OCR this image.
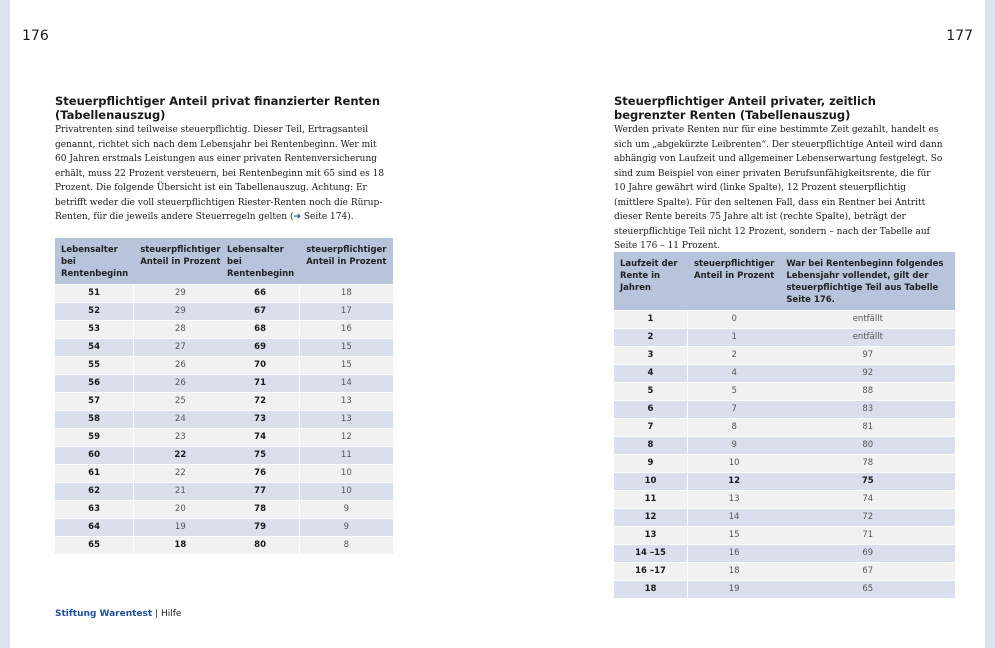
176
Steuerpflichtiger Anteil privat finanzierter Renten (Tabellenauszug)

Privatrenten sind teilweise steuerpflichtig. Dieser Teil, Ertragsanteil genannt, richtet sich nach dem Lebensjahr bei Rentenbeginn. Wer mit 60 Jahren erstmals Leistungen aus einer privaten Rentenversicherung erhält, muss 22 Prozent versteuern, bei Rentenbeginn mit 65 sind es 18 Prozent. Die folgende Übersicht ist ein Tabellenauszug. Achtung: Er betrifft weder die voll steuerpflichtigen Riester-Renten noch die Rürup-Renten, für die jeweils andere Steuerregeln gelten (➔ Seite 174).

Lebensalter bei Rentenbeginn	steuerpflichtiger Anteil in Prozent
51	29
52	29
53	28
54	27
55	26
56	26
57	25
58	24
59	23
60	22
61	22
62	21
63	20
64	19
65	18
Lebensalter bei Rentenbeginn	steuerpflichtiger Anteil in Prozent
66	18
67	17
68	16
69	15
70	15
71	14
72	13
73	13
74	12
75	11
76	10
77	10
78	9
79	9
80	8
Stiftung Warentest | Hilfe
177
Steuerpflichtiger Anteil privater, zeitlich begrenzter Renten (Tabellenauszug)

Werden private Renten nur für eine bestimmte Zeit gezahlt, handelt es sich um „abgekürzte Leibrenten“. Der steuerpflichtige Anteil wird dann abhängig von Laufzeit und allgemeiner Lebenserwartung festgelegt. So sind zum Beispiel von einer privaten Berufsunfähigkeitsrente, die für 10 Jahre gewährt wird (linke Spalte), 12 Prozent steuerpflichtig (mittlere Spalte). Für den seltenen Fall, dass ein Rentner bei Antritt dieser Rente bereits 75 Jahre alt ist (rechte Spalte), beträgt der steuerpflichtige Teil nicht 12 Prozent, sondern – nach der Tabelle auf Seite 176 – 11 Prozent.

Laufzeit der Rente in Jahren	steuerpflichtiger Anteil in Prozent	War bei Rentenbeginn folgendes Lebensjahr vollendet, gilt der steuerpflichtige Teil aus Tabelle Seite 176.
1	0	entfällt
2	1	entfällt
3	2	97
4	4	92
5	5	88
6	7	83
7	8	81
8	9	80
9	10	78
10	12	75
11	13	74
12	14	72
13	15	71
14 –15	16	69
16 –17	18	67
18	19	65
